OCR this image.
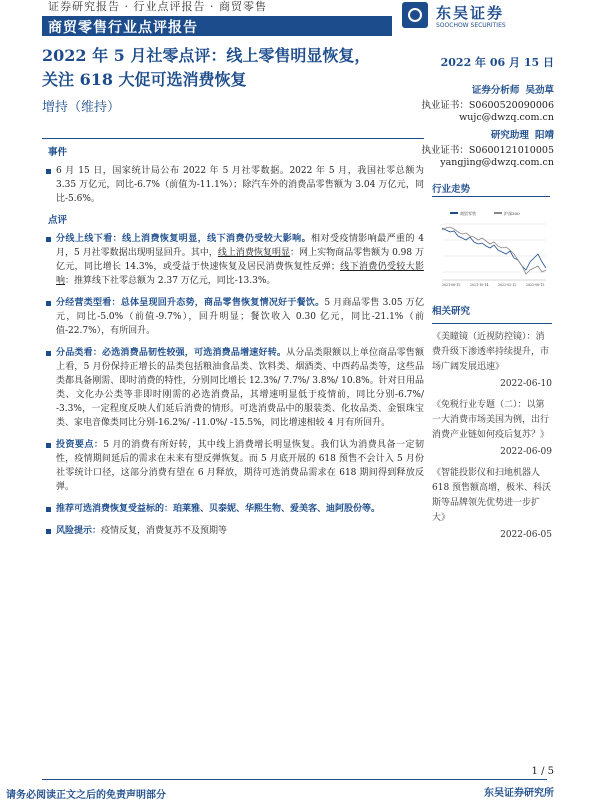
证券研究报告 · 行业点评报告 · 商贸零售
商贸零售行业点评报告
东吴证券
SOOCHOW SECURITIES
2022 年 5 月社零点评：线上零售明显恢复，
关注 618 大促可选消费恢复
2022 年 06 月 15 日
增持（维持）
证券分析师 吴劲草
执业证书：S0600520090006
wujc@dwzq.com.cn
研究助理 阳靖
执业证书：S0600121010005
yangjing@dwzq.com.cn
事件
6 月 15 日，国家统计局公布 2022 年 5 月社零数据。2022 年 5 月，我国社零总额为 3.35 万亿元，同比-6.7%（前值为-11.1%）；除汽车外的消费品零售额为 3.04 万亿元，同比-5.6%。
点评
分线上线下看：线上消费恢复明显，线下消费仍受较大影响。相对受疫情影响最严重的 4 月，5 月社零数据出现明显回升。其中，线上消费恢复明显：网上实物商品零售额为 0.98 万亿元，同比增长 14.3%，或受益于快速恢复及居民消费恢复性反弹；线下消费仍受较大影响：推算线下社零总额为 2.37 万亿元，同比-13.3%。
分经营类型看：总体呈现回升态势，商品零售恢复情况好于餐饮。5 月商品零售 3.05 万亿元，同比-5.0%（前值-9.7%），回升明显；餐饮收入 0.30 亿元，同比-21.1%（前值-22.7%），有所回升。
分品类看：必选消费品韧性较强，可选消费品增速好转。从分品类限额以上单位商品零售额上看，5 月份保持正增长的品类包括粮油食品类、饮料类、烟酒类、中西药品类等，这些品类都具备刚需、即时消费的特性，分别同比增长 12.3%/ 7.7%/ 3.8%/ 10.8%。针对日用品类、文化办公类等非即时刚需的必选消费品，其增速明显低于疫情前，同比分别-6.7%/ -3.3%，一定程度反映人们延后消费的情形。可选消费品中的服装类、化妆品类、金银珠宝类、家电音像类同比分别-16.2%/ -11.0%/ -15.5%，同比增速相较 4 月有所回升。
投资要点：5 月的消费有所好转，其中线上消费增长明显恢复。我们认为消费具备一定韧性，疫情期间延后的需求在未来有望反弹恢复。而 5 月底开展的 618 预售不会计入 5 月份社零统计口径，这部分消费有望在 6 月释放，期待可选消费品需求在 618 期间得到释放反弹。
推荐可选消费恢复受益标的：珀莱雅、贝泰妮、华熙生物、爱美客、迪阿股份等。
风险提示：疫情反复，消费复苏不及预期等
行业走势
商贸零售	沪深300
2021-06-15	2021-10-14	2022-02-12	2022-06-13
相关研究
《美瞳镜（近视防控镜）：消费升级下渗透率持续提升，市场广阔发展迅速》
2022-06-10
《免税行业专题（二）：以第一大消费市场美国为例，出行消费产业链如何疫后复苏？》
2022-06-09
《智能投影仪和扫地机器人 618 预售额高增，极米、科沃斯等品牌领先优势进一步扩大》
2022-06-05
1 / 5
请务必阅读正文之后的免责声明部分	东吴证券研究所
